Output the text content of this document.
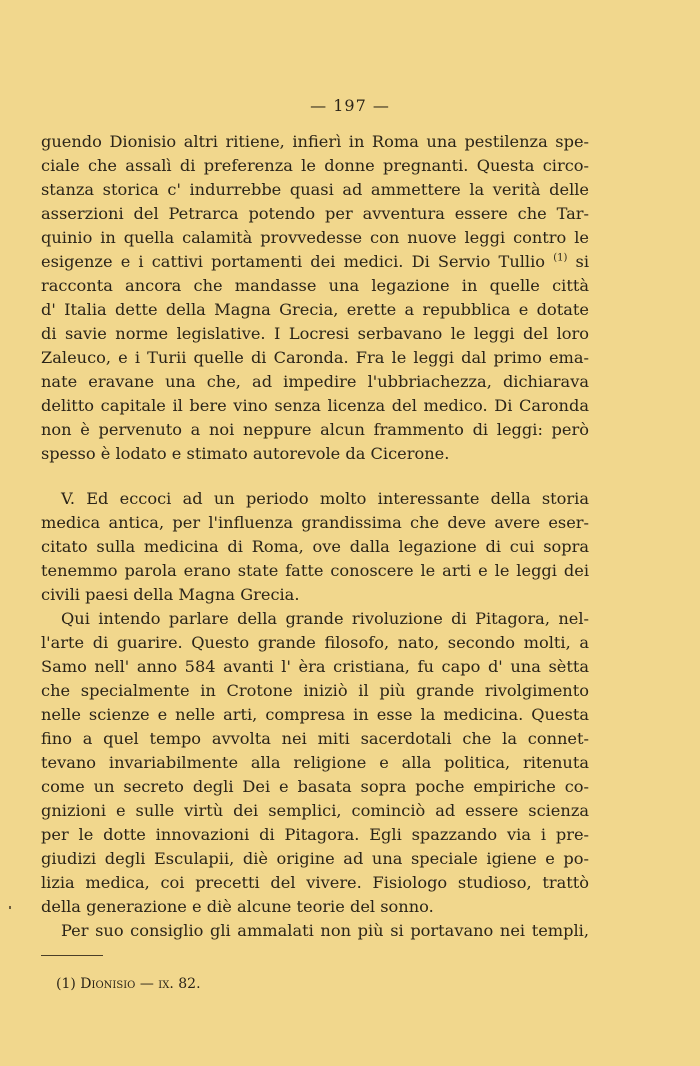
— 197 —
guendo Dionisio altri ritiene, infierì in Roma una pestilenza spe-
ciale che assalì di preferenza le donne pregnanti. Questa circo-
stanza storica c' indurrebbe quasi ad ammettere la verità delle
asserzioni del Petrarca potendo per avventura essere che Tar-
quinio in quella calamità provvedesse con nuove leggi contro le
esigenze e i cattivi portamenti dei medici. Di Servio Tullio $^{(1)}$ si
racconta ancora che mandasse una legazione in quelle città
d' Italia dette della Magna Grecia, erette a repubblica e dotate
di savie norme legislative. I Locresi serbavano le leggi del loro
Zaleuco, e i Turii quelle di Caronda. Fra le leggi dal primo ema-
nate eravane una che, ad impedire l'ubbriachezza, dichiarava
delitto capitale il bere vino senza licenza del medico. Di Caronda
non è pervenuto a noi neppure alcun frammento di leggi: però
spesso è lodato e stimato autorevole da Cicerone.
V. Ed eccoci ad un periodo molto interessante della storia
medica antica, per l'influenza grandissima che deve avere eser-
citato sulla medicina di Roma, ove dalla legazione di cui sopra
tenemmo parola erano state fatte conoscere le arti e le leggi dei
civili paesi della Magna Grecia.
Qui intendo parlare della grande rivoluzione di Pitagora, nel-
l'arte di guarire. Questo grande filosofo, nato, secondo molti, a
Samo nell' anno 584 avanti l' èra cristiana, fu capo d' una sètta
che specialmente in Crotone iniziò il più grande rivolgimento
nelle scienze e nelle arti, compresa in esse la medicina. Questa
fino a quel tempo avvolta nei miti sacerdotali che la connet-
tevano invariabilmente alla religione e alla politica, ritenuta
come un secreto degli Dei e basata sopra poche empiriche co-
gnizioni e sulle virtù dei semplici, cominciò ad essere scienza
per le dotte innovazioni di Pitagora. Egli spazzando via i pre-
giudizi degli Esculapii, diè origine ad una speciale igiene e po-
lizia medica, coi precetti del vivere. Fisiologo studioso, trattò
della generazione e diè alcune teorie del sonno.
Per suo consiglio gli ammalati non più si portavano nei templi,
(1) Dionisio — ix. 82.
